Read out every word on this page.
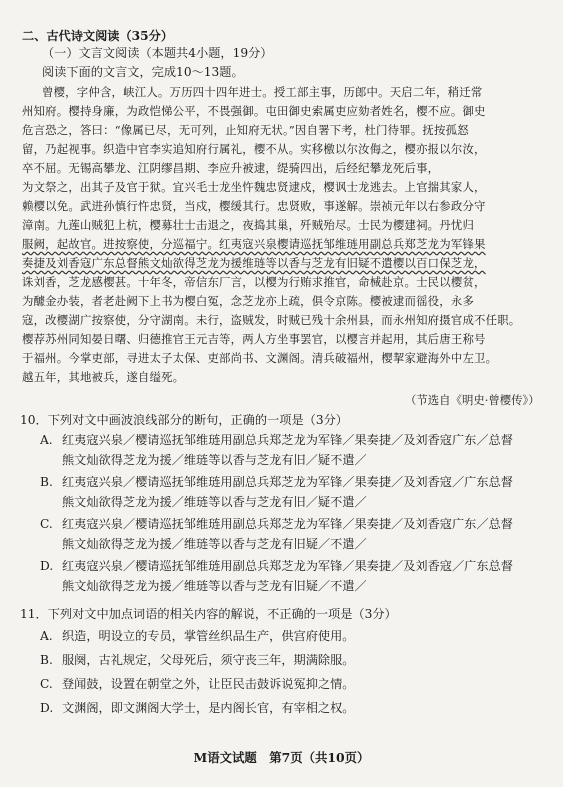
二、古代诗文阅读（35分）
（一）文言文阅读（本题共4小题，19分）
阅读下面的文言文，完成10～13题。
曾樱，字仲含，峡江人。万历四十四年进士。授工部主事，历郎中。天启二年，稍迁常
州知府。樱持身廉，为政恺悌公平，不畏强御。屯田御史索属吏应劾者姓名，樱不应。御史
危言恐之，答曰：“像属已尽，无可列，止知府无状。”因自署下考，杜门待罪。抚按孤怒
留，乃起视事。织造中官李实追知府行属礼，樱不从。实移檄以尔汝侮之，樱亦报以尔汝，
卒不屈。无锡高攀龙、江阴缪昌期、李应升被逮，缇骑四出，后经纪攀龙死后事，
为文祭之，出其子及官于狱。宜兴毛士龙坐忤魏忠贤逮戍，樱讽士龙逃去。上官揣其家人，
赖樱以免。武进孙慎行忤忠贤，当戍，樱缓其行。忠贤败，事遂解。崇祯元年以右参政分守
漳南。九莲山贼犯上杭，樱募壮士击退之，夜捣其巢，歼贼殆尽。士民为樱建祠。丹忧归
服阙，起故官。进按察使，分巡福宁。红夷寇兴泉樱请巡抚邹维琏用副总兵郑芝龙为军锋果
奏捷及刘香寇广东总督熊文灿欲得芝龙为援维琏等以香与芝龙有旧疑不遣樱以百口保芝龙，
诛刘香，芝龙感樱甚。十年冬，帝信东厂言，以樱为行贿求推官，命械赴京。士民以樱贫，
为醵金办装，者老赴阙下上书为樱白冤，念芝龙亦上疏，俱令京陈。樱被逮而徭役，永多
寇，改樱湖广按察使，分守湖南。未行，盗贼发，时贼已残十余州县，而永州知府摄官成不任职。
樱荐苏州同知晏日曙、归德推官王元吉等，两人方坐事罢官，以樱言并起用，其后唐王称号
于福州。今掌吏部，寻进太子太保、吏部尚书、文渊阁。清兵破福州，樱挈家避海外中左卫。
越五年，其地被兵，遂自缢死。
（节选自《明史·曾樱传》）
10．下列对文中画波浪线部分的断句，正确的一项是（3分）
A. 红夷寇兴泉／樱请巡抚邹维琏用副总兵郑芝龙为军锋／果奏捷／及刘香寇广东／总督
熊文灿欲得芝龙为援／维琏等以香与芝龙有旧／疑不遣／
B. 红夷寇兴泉／樱请巡抚邹维琏用副总兵郑芝龙为军锋／果奏捷／及刘香寇／广东总督
熊文灿欲得芝龙为援／维琏等以香与芝龙有旧／疑不遣／
C. 红夷寇兴泉／樱请巡抚邹维琏用副总兵郑芝龙为军锋／果奏捷／及刘香寇广东／总督
熊文灿欲得芝龙为援／维琏等以香与芝龙有旧疑／不遣／
D. 红夷寇兴泉／樱请巡抚邹维琏用副总兵郑芝龙为军锋／果奏捷／及刘香寇／广东总督
熊文灿欲得芝龙为援／维琏等以香与芝龙有旧疑／不遣／
11．下列对文中加点词语的相关内容的解说，不正确的一项是（3分）
A. 织造，明设立的专员，掌管丝织品生产，供宫府使用。
B. 服阕，古礼规定，父母死后，须守丧三年，期满除服。
C. 登闻鼓，设置在朝堂之外，让臣民击鼓诉说冤抑之情。
D. 文渊阁，即文渊阁大学士，是内阁长官，有宰相之权。
M语文试题　第7页（共10页）
